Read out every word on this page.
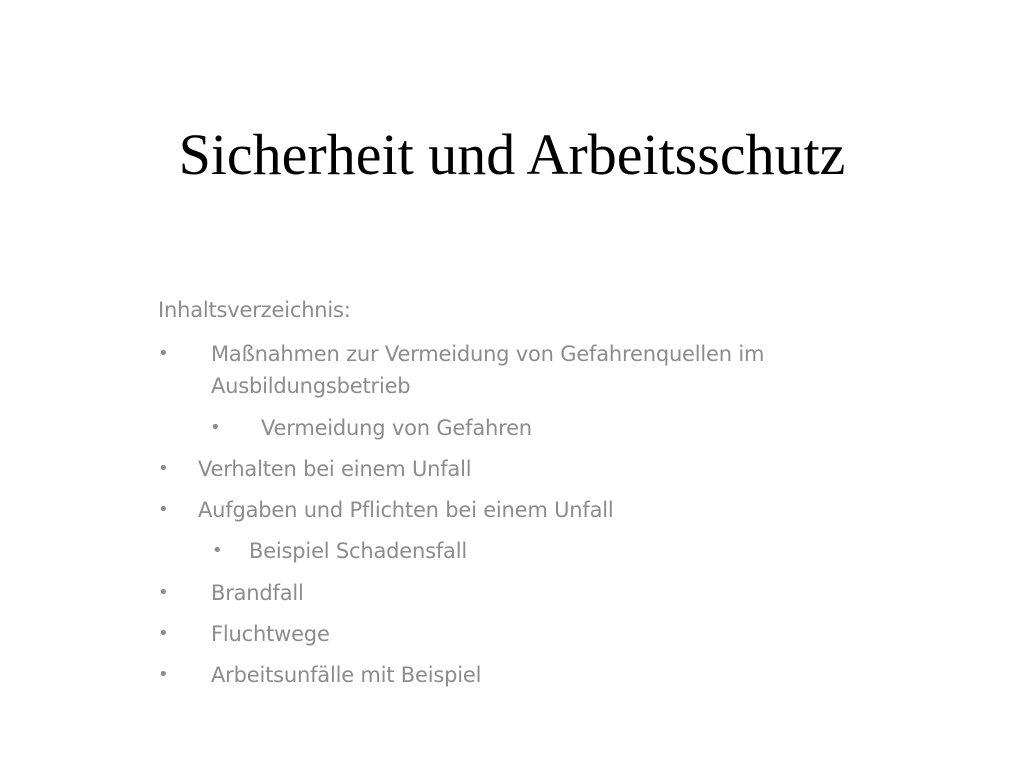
Sicherheit und Arbeitsschutz
Inhaltsverzeichnis:
• Maßnahmen zur Vermeidung von Gefahrenquellen im Ausbildungsbetrieb
• Vermeidung von Gefahren
• Verhalten bei einem Unfall
• Aufgaben und Pflichten bei einem Unfall
• Beispiel Schadensfall
• Brandfall
• Fluchtwege
• Arbeitsunfälle mit Beispiel
